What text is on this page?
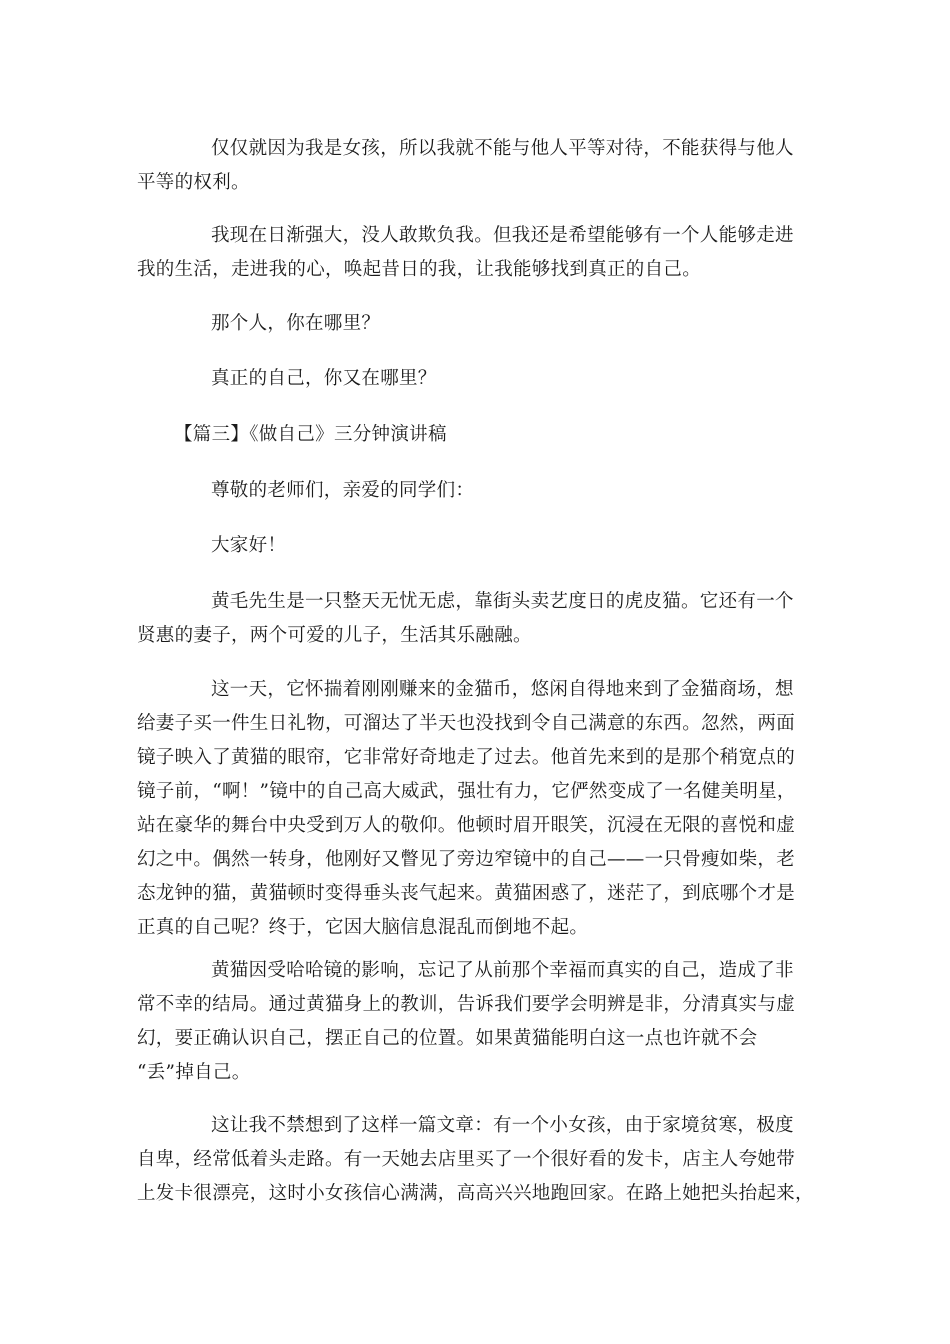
仅仅就因为我是女孩，所以我就不能与他人平等对待，不能获得与他人
平等的权利。
我现在日渐强大，没人敢欺负我。但我还是希望能够有一个人能够走进
我的生活，走进我的心，唤起昔日的我，让我能够找到真正的自己。
那个人，你在哪里？
真正的自己，你又在哪里？
【篇三】《做自己》三分钟演讲稿
尊敬的老师们，亲爱的同学们：
大家好！
黄毛先生是一只整天无忧无虑，靠街头卖艺度日的虎皮猫。它还有一个
贤惠的妻子，两个可爱的儿子，生活其乐融融。
这一天，它怀揣着刚刚赚来的金猫币，悠闲自得地来到了金猫商场，想
给妻子买一件生日礼物，可溜达了半天也没找到令自己满意的东西。忽然，两面
镜子映入了黄猫的眼帘，它非常好奇地走了过去。他首先来到的是那个稍宽点的
镜子前，“啊！”镜中的自己高大威武，强壮有力，它俨然变成了一名健美明星，
站在豪华的舞台中央受到万人的敬仰。他顿时眉开眼笑，沉浸在无限的喜悦和虚
幻之中。偶然一转身，他刚好又瞥见了旁边窄镜中的自己——一只骨瘦如柴，老
态龙钟的猫，黄猫顿时变得垂头丧气起来。黄猫困惑了，迷茫了，到底哪个才是
正真的自己呢？终于，它因大脑信息混乱而倒地不起。
黄猫因受哈哈镜的影响，忘记了从前那个幸福而真实的自己，造成了非
常不幸的结局。通过黄猫身上的教训，告诉我们要学会明辨是非，分清真实与虚
幻，要正确认识自己，摆正自己的位置。如果黄猫能明白这一点也许就不会
“丢”掉自己。
这让我不禁想到了这样一篇文章：有一个小女孩，由于家境贫寒，极度
自卑，经常低着头走路。有一天她去店里买了一个很好看的发卡，店主人夸她带
上发卡很漂亮，这时小女孩信心满满，高高兴兴地跑回家。在路上她把头抬起来，
